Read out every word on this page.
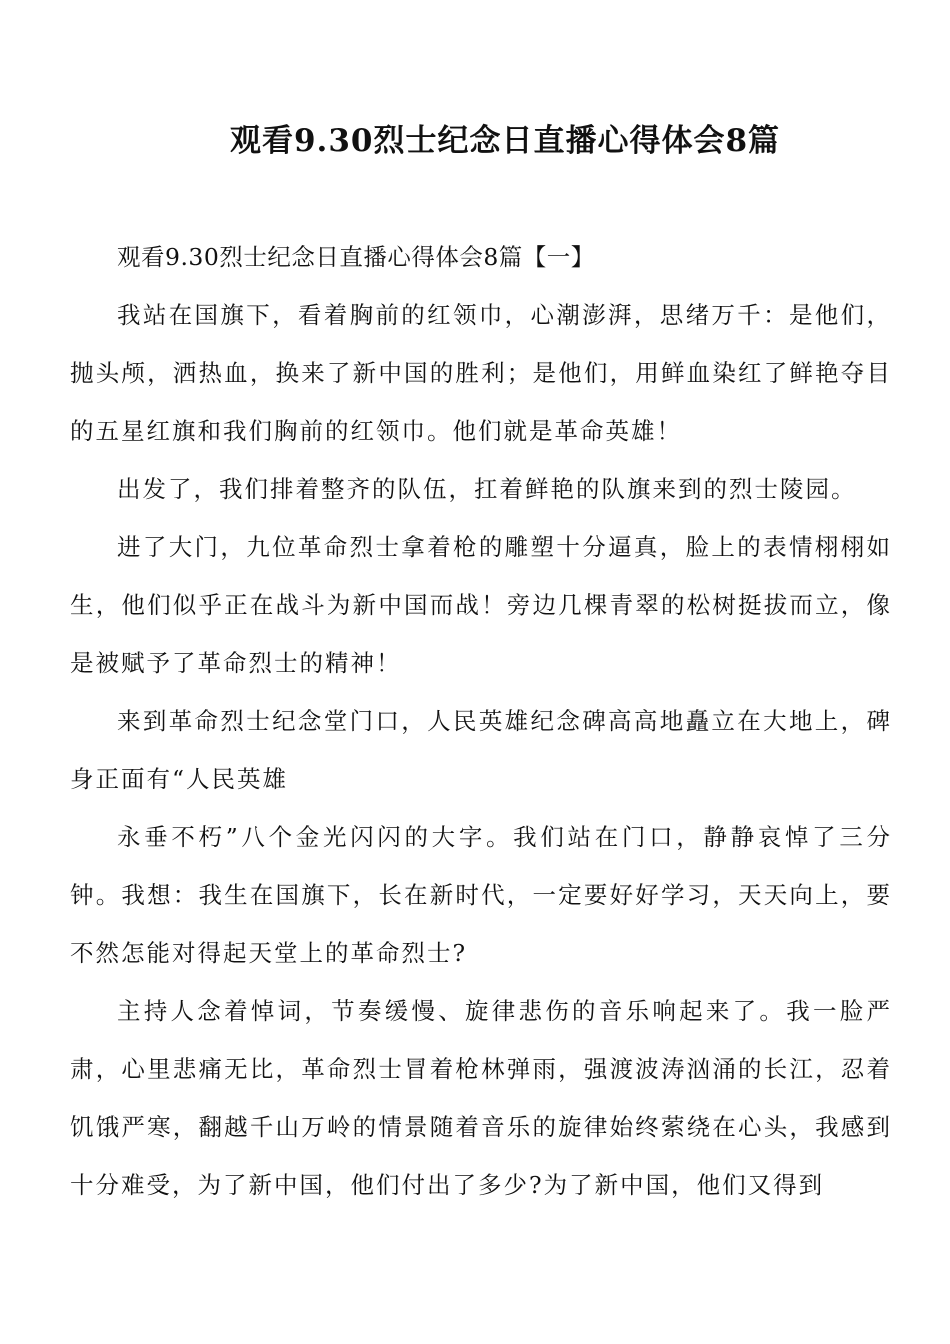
观看9.30烈士纪念日直播心得体会8篇

观看9.30烈士纪念日直播心得体会8篇【一】

我站在国旗下，看着胸前的红领巾，心潮澎湃，思绪万千：是他们，抛头颅，洒热血，换来了新中国的胜利；是他们，用鲜血染红了鲜艳夺目的五星红旗和我们胸前的红领巾。他们就是革命英雄！

出发了，我们排着整齐的队伍，扛着鲜艳的队旗来到的烈士陵园。

进了大门，九位革命烈士拿着枪的雕塑十分逼真，脸上的表情栩栩如生，他们似乎正在战斗为新中国而战！旁边几棵青翠的松树挺拔而立，像是被赋予了革命烈士的精神！

来到革命烈士纪念堂门口，人民英雄纪念碑高高地矗立在大地上，碑身正面有“人民英雄

永垂不朽”八个金光闪闪的大字。我们站在门口，静静哀悼了三分钟。我想：我生在国旗下，长在新时代，一定要好好学习，天天向上，要不然怎能对得起天堂上的革命烈士?

主持人念着悼词，节奏缓慢、旋律悲伤的音乐响起来了。我一脸严肃，心里悲痛无比，革命烈士冒着枪林弹雨，强渡波涛汹涌的长江，忍着饥饿严寒，翻越千山万岭的情景随着音乐的旋律始终萦绕在心头，我感到十分难受，为了新中国，他们付出了多少?为了新中国，他们又得到
